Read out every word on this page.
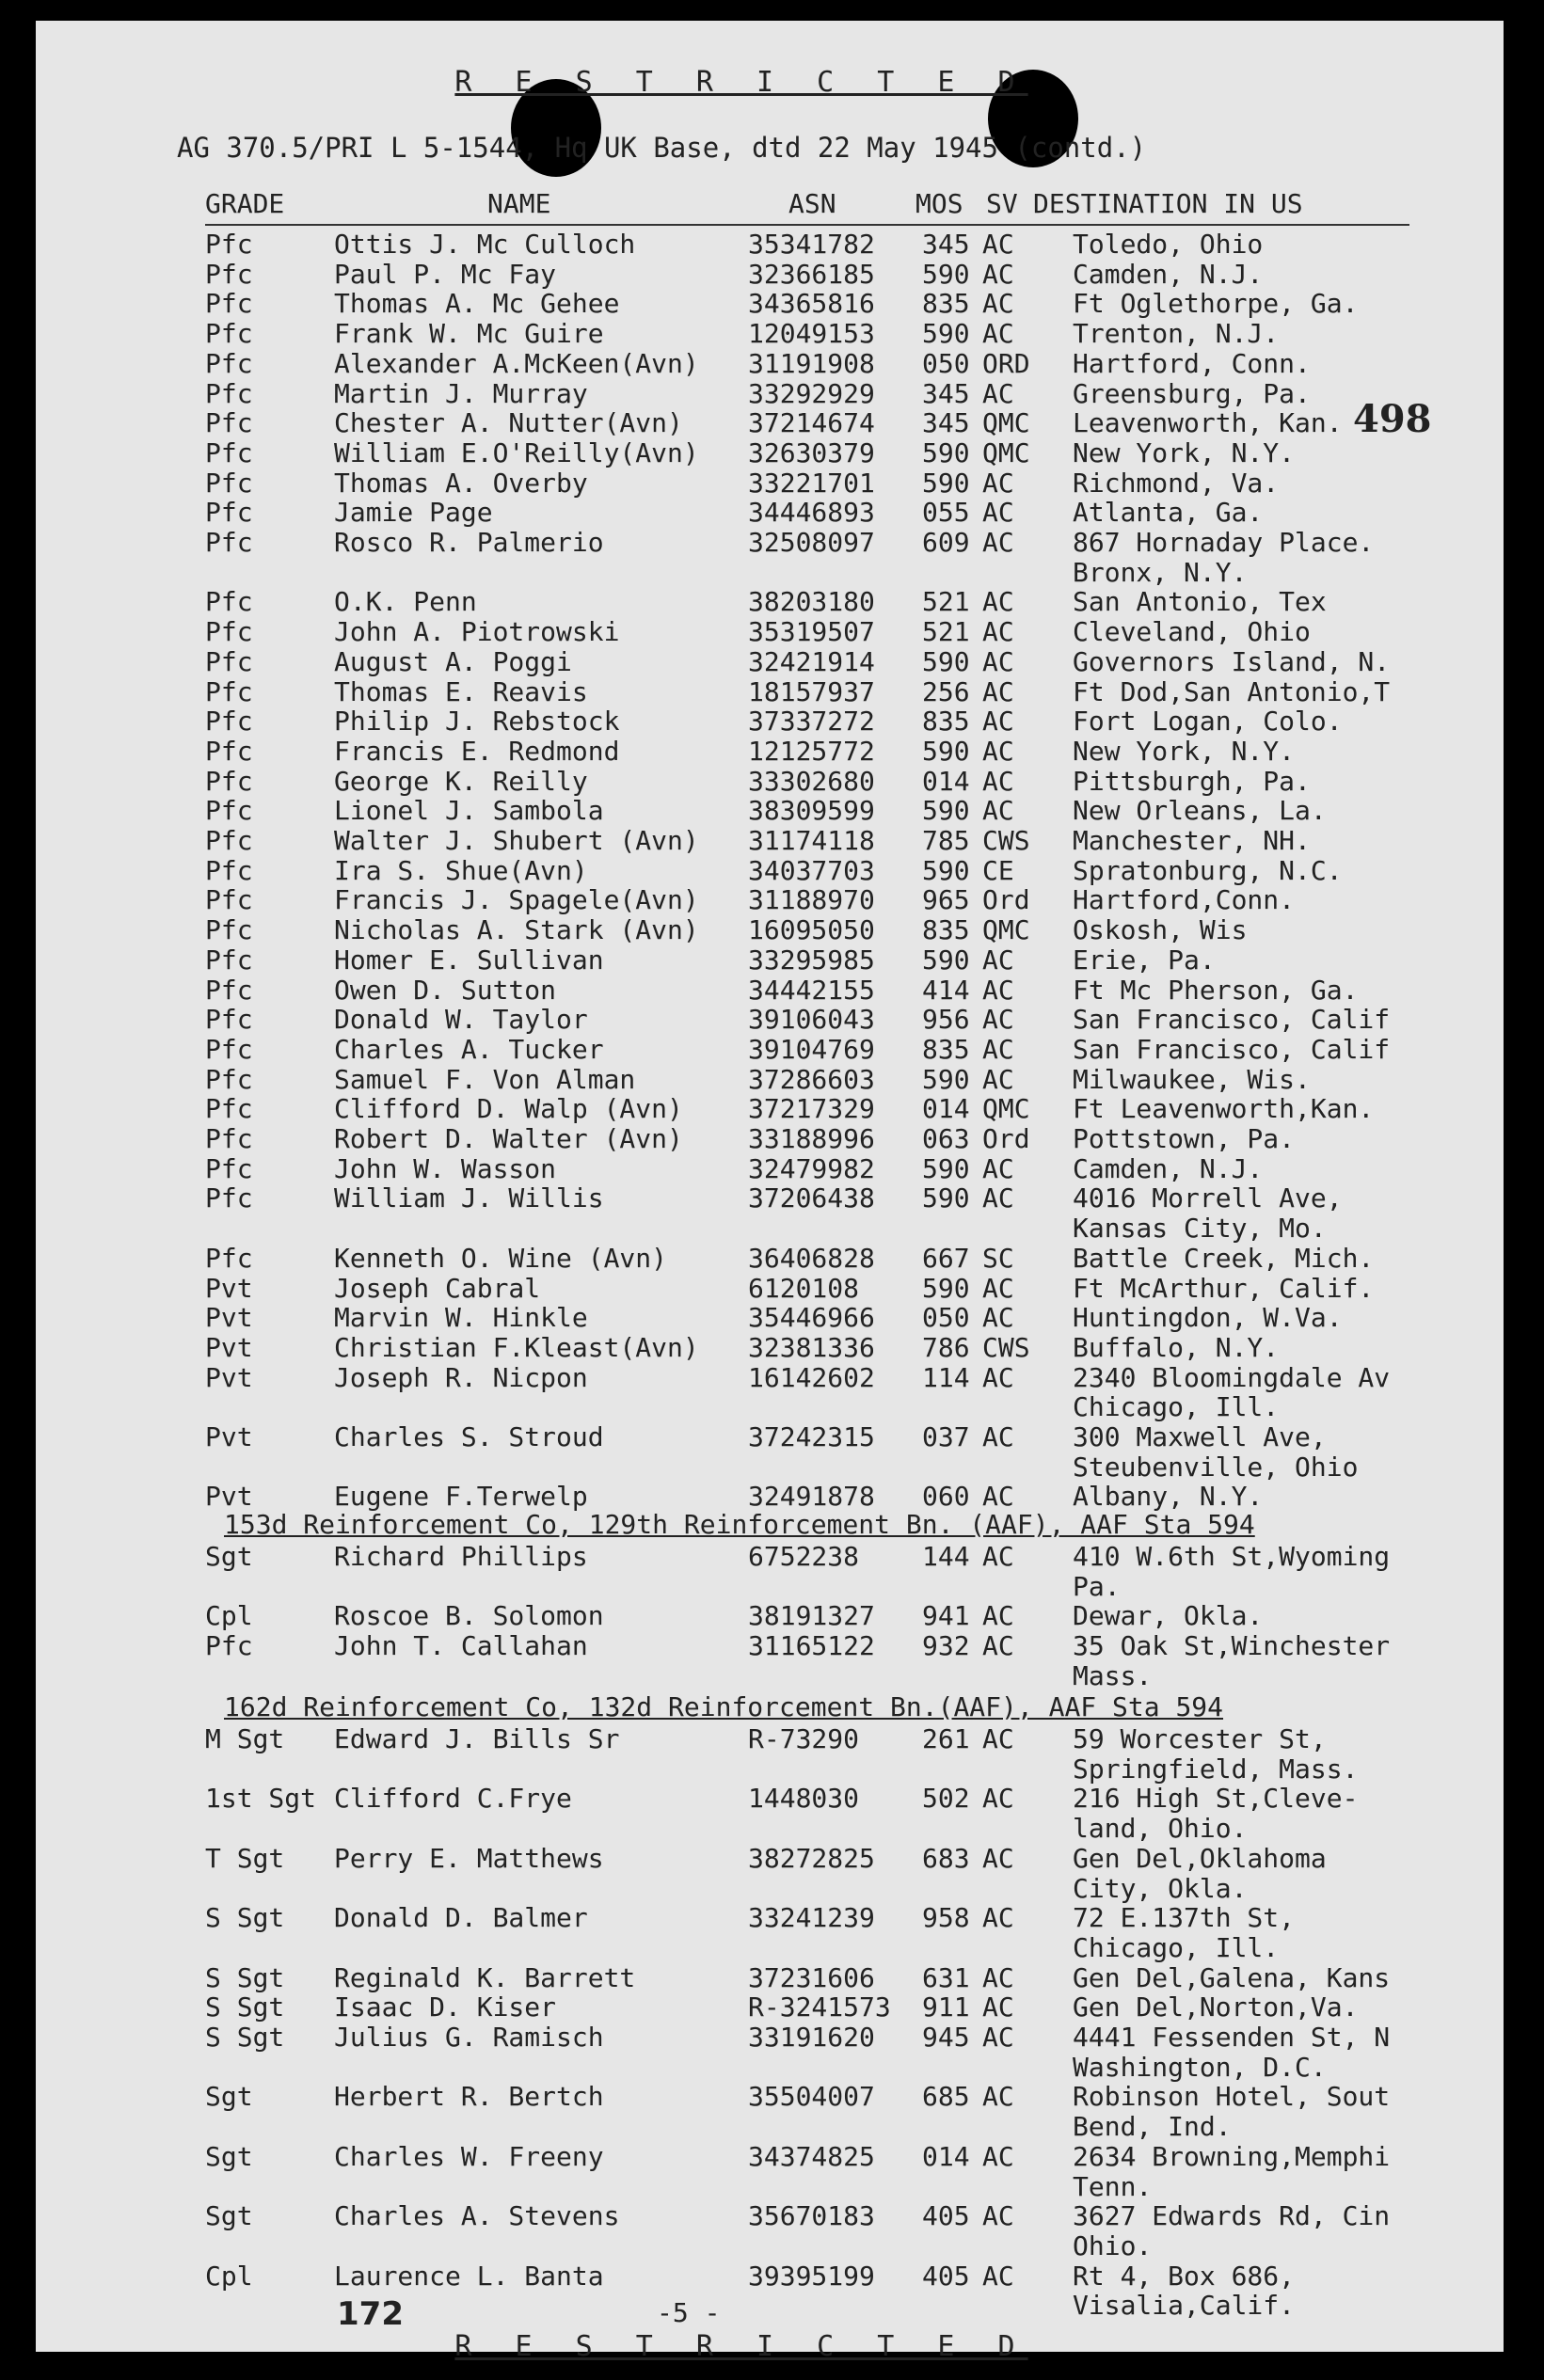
R E S T R I C T E D
AG 370.5/PRI L 5-1544, Hq UK Base, dtd 22 May 1945 (contd.)
498
GRADE	NAME	ASN	MOS SV DESTINATION IN US
Pfc	Ottis J. Mc Culloch	35341782 345 AC Toledo, Ohio
Pfc	Paul P. Mc Fay	32366185 590 AC Camden, N.J.
Pfc	Thomas A. Mc Gehee	34365816 835 AC Ft Oglethorpe, Ga.
Pfc	Frank W. Mc Guire	12049153 590 AC Trenton, N.J.
Pfc	Alexander A.McKeen(Avn) 31191908 050 ORD Hartford, Conn.
Pfc	Martin J. Murray	33292929 345 AC Greensburg, Pa.
Pfc	Chester A. Nutter(Avn) 37214674 345 QMC Leavenworth, Kan.
Pfc	William E.O'Reilly(Avn) 32630379 590 QMC New York, N.Y.
Pfc	Thomas A. Overby	33221701 590 AC Richmond, Va.
Pfc	Jamie Page	34446893 055 AC Atlanta, Ga.
Pfc	Rosco R. Palmerio	32508097 609 AC 867 Hornaday Place.
Bronx, N.Y.
Pfc	O.K. Penn	38203180 521 AC San Antonio, Tex
Pfc	John A. Piotrowski	35319507 521 AC Cleveland, Ohio
Pfc	August A. Poggi	32421914 590 AC Governors Island, N.
Pfc	Thomas E. Reavis	18157937 256 AC Ft Dod,San Antonio,T
Pfc	Philip J. Rebstock	37337272 835 AC Fort Logan, Colo.
Pfc	Francis E. Redmond	12125772 590 AC New York, N.Y.
Pfc	George K. Reilly	33302680 014 AC Pittsburgh, Pa.
Pfc	Lionel J. Sambola	38309599 590 AC New Orleans, La.
Pfc	Walter J. Shubert (Avn) 31174118 785 CWS Manchester, NH.
Pfc	Ira S. Shue(Avn)	34037703 590 CE Spratonburg, N.C.
Pfc	Francis J. Spagele(Avn) 31188970 965 Ord Hartford,Conn.
Pfc	Nicholas A. Stark (Avn) 16095050 835 QMC Oskosh, Wis
Pfc	Homer E. Sullivan	33295985 590 AC Erie, Pa.
Pfc	Owen D. Sutton	34442155 414 AC Ft Mc Pherson, Ga.
Pfc	Donald W. Taylor	39106043 956 AC San Francisco, Calif
Pfc	Charles A. Tucker	39104769 835 AC San Francisco, Calif
Pfc	Samuel F. Von Alman	37286603 590 AC Milwaukee, Wis.
Pfc	Clifford D. Walp (Avn) 37217329 014 QMC Ft Leavenworth,Kan.
Pfc	Robert D. Walter (Avn) 33188996 063 Ord Pottstown, Pa.
Pfc	John W. Wasson	32479982 590 AC Camden, N.J.
Pfc	William J. Willis	37206438 590 AC 4016 Morrell Ave,
Kansas City, Mo.
Pfc	Kenneth O. Wine (Avn)	36406828 667 SC Battle Creek, Mich.
Pvt	Joseph Cabral	6120108 590 AC Ft McArthur, Calif.
Pvt	Marvin W. Hinkle	35446966 050 AC Huntingdon, W.Va.
Pvt	Christian F.Kleast(Avn) 32381336 786 CWS Buffalo, N.Y.
Pvt	Joseph R. Nicpon	16142602 114 AC 2340 Bloomingdale Av
Chicago, Ill.
Pvt	Charles S. Stroud	37242315 037 AC 300 Maxwell Ave,
Steubenville, Ohio
Pvt	Eugene F.Terwelp	32491878 060 AC Albany, N.Y.
Sgt	Richard Phillips	6752238 144 AC 410 W.6th St,Wyoming
Pa.
Cpl	Roscoe B. Solomon	38191327 941 AC Dewar, Okla.
Pfc	John T. Callahan	31165122 932 AC 35 Oak St,Winchester
Mass.
M Sgt Edward J. Bills Sr	R-73290 261 AC 59 Worcester St,
Springfield, Mass.
1st Sgt Clifford C.Frye	1448030 502 AC 216 High St,Cleve-
land, Ohio.
T Sgt Perry E. Matthews	38272825 683 AC Gen Del,Oklahoma
City, Okla.
S Sgt Donald D. Balmer	33241239 958 AC 72 E.137th St,
Chicago, Ill.
S Sgt Reginald K. Barrett	37231606 631 AC Gen Del,Galena, Kans
S Sgt Isaac D. Kiser	R-3241573 911 AC Gen Del,Norton,Va.
S Sgt Julius G. Ramisch	33191620 945 AC 4441 Fessenden St, N
Washington, D.C.
Sgt	Herbert R. Bertch	35504007 685 AC Robinson Hotel, Sout
Bend, Ind.
Sgt	Charles W. Freeny	34374825 014 AC 2634 Browning,Memphi
Tenn.
Sgt	Charles A. Stevens	35670183 405 AC 3627 Edwards Rd, Cin
Ohio.
Cpl	Laurence L. Banta	39395199 405 AC Rt 4, Box 686,
Visalia,Calif.
172	-5 -
R E S T R I C T E D
153d Reinforcement Co, 129th Reinforcement Bn. (AAF), AAF Sta 594
162d Reinforcement Co, 132d Reinforcement Bn.(AAF), AAF Sta 594
